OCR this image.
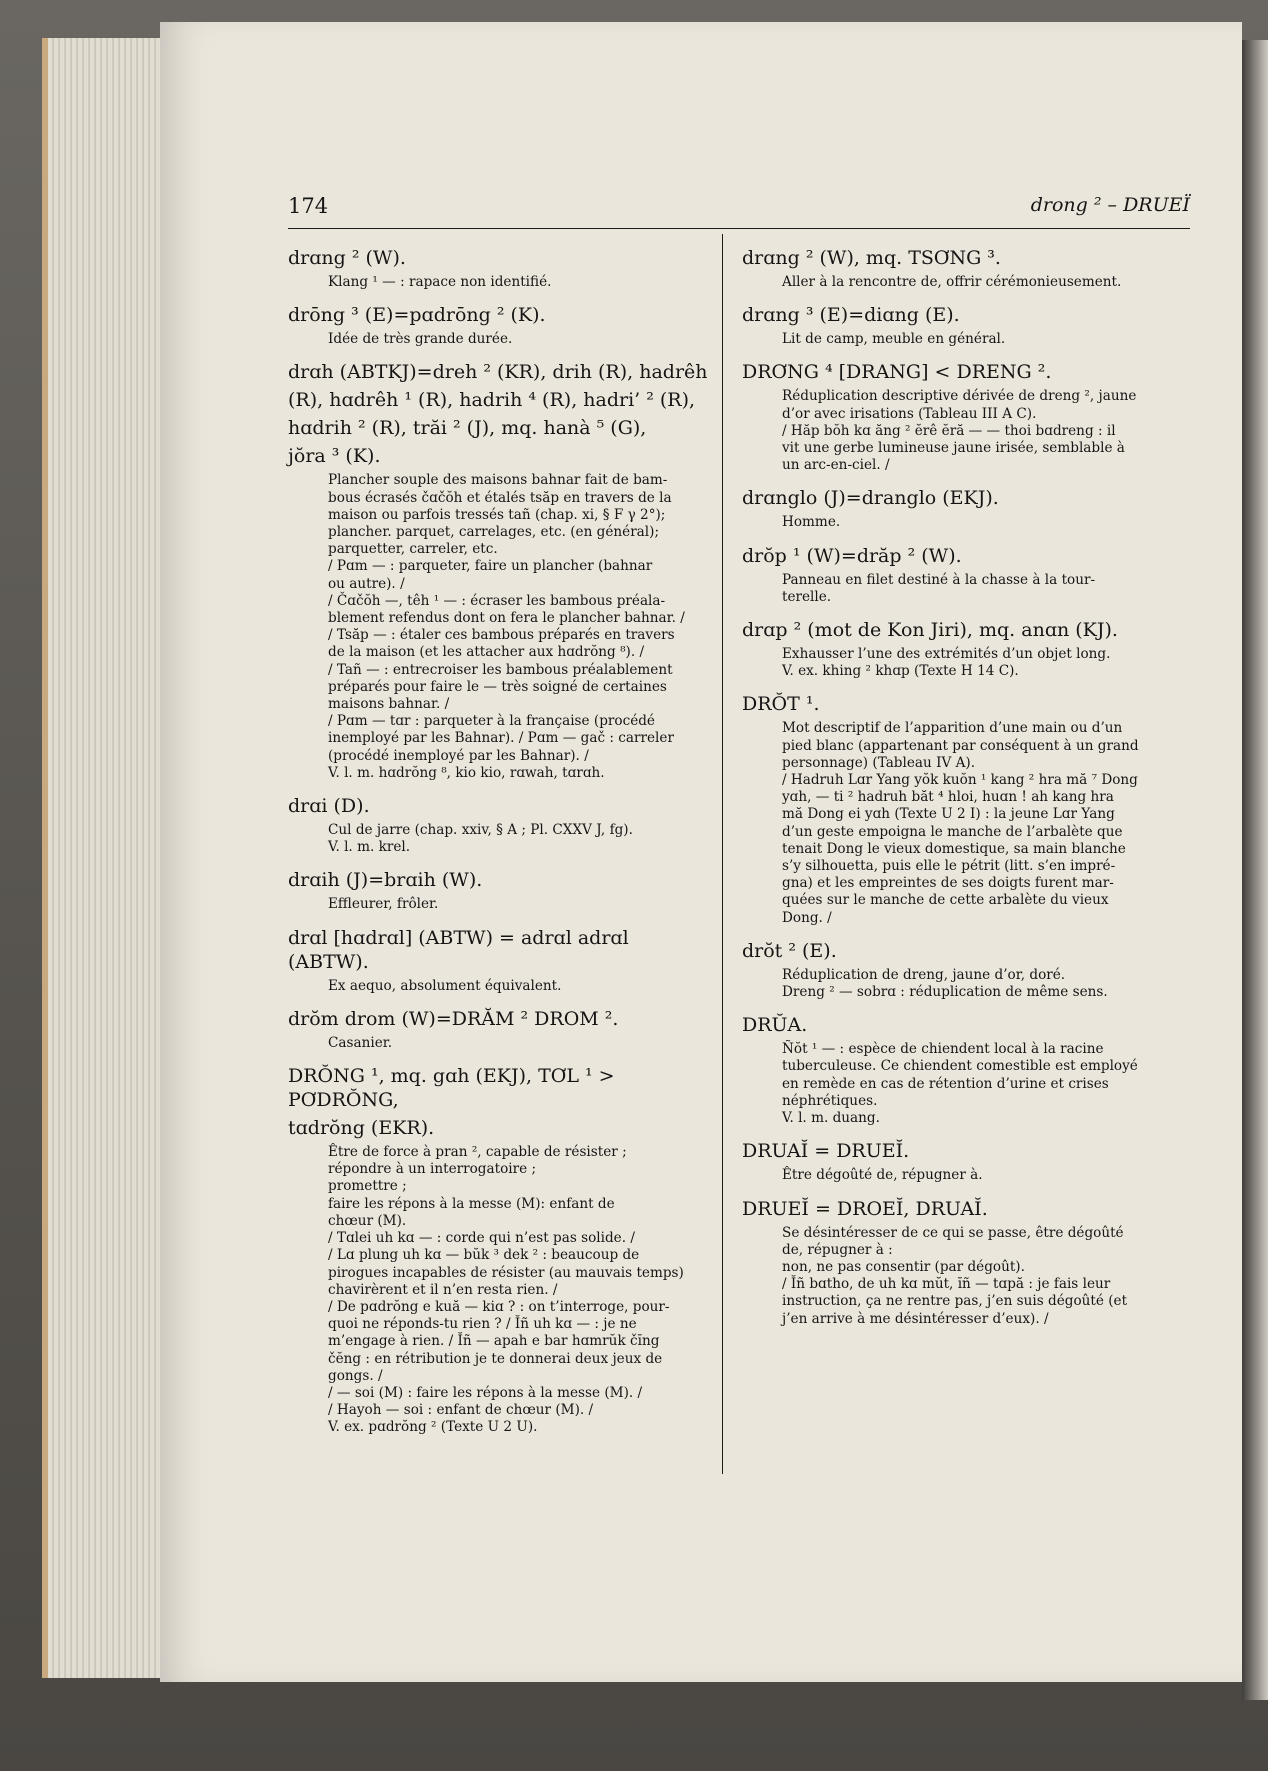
174	drong ² – DRUEÏ
drɑng ² (W).
Klang ¹ — : rapace non identifié.
drōng ³ (E)=pɑdrōng ² (K).
Idée de très grande durée.
drɑh (ABTKJ)=dreh ² (KR), drih (R), hadrêh
(R), hɑdrêh ¹ (R), hadrih ⁴ (R), hadri’ ² (R),
hɑdrih ² (R), trăi ² (J), mq. hanà ⁵ (G),
jŏra ³ (K).
Plancher souple des maisons bahnar fait de bam-
bous écrasés čɑčŏh et étalés tsăp en travers de la
maison ou parfois tressés tañ (chap. xi, § F γ 2°);
plancher. parquet, carrelages, etc. (en général);
parquetter, carreler, etc.
/ Pɑm — : parqueter, faire un plancher (bahnar
ou autre). /
/ Čɑčŏh —, têh ¹ — : écraser les bambous préala-
blement refendus dont on fera le plancher bahnar. /
/ Tsăp — : étaler ces bambous préparés en travers
de la maison (et les attacher aux hɑdrŏng ⁸). /
/ Tañ — : entrecroiser les bambous préalablement
préparés pour faire le — très soigné de certaines
maisons bahnar. /
/ Pɑm — tɑr : parqueter à la française (procédé
inemployé par les Bahnar). / Pɑm — gač : carreler
(procédé inemployé par les Bahnar). /
V. l. m. hɑdrŏng ⁸, kio kio, rɑwah, tɑrɑh.
drɑi (D).
Cul de jarre (chap. xxiv, § A ; Pl. CXXV J, fg).
V. l. m. krel.
drɑih (J)=brɑih (W).
Effleurer, frôler.
drɑl [hɑdrɑl] (ABTW) = adrɑl adrɑl (ABTW).
Ex aequo, absolument équivalent.
drŏm drom (W)=DRĂM ² DROM ².
Casanier.
DRŎNG ¹, mq. gɑh (EKJ), TƠL ¹ > PƠDRŎNG,
tɑdrŏng (EKR).
Être de force à pran ², capable de résister ;
répondre à un interrogatoire ;
promettre ;
faire les répons à la messe (M): enfant de
chœur (M).
/ Tɑlei uh kɑ — : corde qui n’est pas solide. /
/ Lɑ plung uh kɑ — bŭk ³ dek ² : beaucoup de
pirogues incapables de résister (au mauvais temps)
chavirèrent et il n’en resta rien. /
/ De pɑdrŏng e kuă — kiɑ ? : on t’interroge, pour-
quoi ne réponds-tu rien ? / Ĭñ uh kɑ — : je ne
m’engage à rien. / Ĭñ — apah e bar hɑmrŭk čĭng
čĕng : en rétribution je te donnerai deux jeux de
gongs. /
/ — soi (M) : faire les répons à la messe (M). /
/ Hayoh — soi : enfant de chœur (M). /
V. ex. pɑdrŏng ² (Texte U 2 U).
drɑng ² (W), mq. TSƠNG ³.
Aller à la rencontre de, offrir cérémonieusement.
drɑng ³ (E)=diɑng (E).
Lit de camp, meuble en général.
DRƠNG ⁴ [DRANG] < DRENG ².
Réduplication descriptive dérivée de dreng ², jaune
d’or avec irisations (Tableau III A C).
/ Hăp bŏh kɑ ăng ² ĕrê ĕră — — thoi bɑdreng : il
vit une gerbe lumineuse jaune irisée, semblable à
un arc-en-ciel. /
drɑnglo (J)=dranglo (EKJ).
Homme.
drŏp ¹ (W)=drăp ² (W).
Panneau en filet destiné à la chasse à la tour-
terelle.
drɑp ² (mot de Kon Jiri), mq. anɑn (KJ).
Exhausser l’une des extrémités d’un objet long.
V. ex. khing ² khɑp (Texte H 14 C).
DRŎT ¹.
Mot descriptif de l’apparition d’une main ou d’un
pied blanc (appartenant par conséquent à un grand
personnage) (Tableau IV A).
/ Hadruh Lɑr Yang yŏk kuŏn ¹ kang ² hra mă ⁷ Dong
yɑh, — ti ² hadruh băt ⁴ hloi, huɑn ! ah kang hra
mă Dong ei yɑh (Texte U 2 I) : la jeune Lɑr Yang
d’un geste empoigna le manche de l’arbalète que
tenait Dong le vieux domestique, sa main blanche
s’y silhouetta, puis elle le pétrit (litt. s’en impré-
gna) et les empreintes de ses doigts furent mar-
quées sur le manche de cette arbalète du vieux
Dong. /
drŏt ² (E).
Réduplication de dreng, jaune d’or, doré.
Dreng ² — sobrɑ : réduplication de même sens.
DRŬA.
Ñŏt ¹ — : espèce de chiendent local à la racine
tuberculeuse. Ce chiendent comestible est employé
en remède en cas de rétention d’urine et crises
néphrétiques.
V. l. m. duang.
DRUAĬ = DRUEĬ.
Être dégoûté de, répugner à.
DRUEĬ = DROEĬ, DRUAĬ.
Se désintéresser de ce qui se passe, être dégoûté
de, répugner à :
non, ne pas consentir (par dégoût).
/ Ĭñ bɑtho, de uh kɑ mŭt, ĭñ — tɑpă : je fais leur
instruction, ça ne rentre pas, j’en suis dégoûté (et
j’en arrive à me désintéresser d’eux). /
